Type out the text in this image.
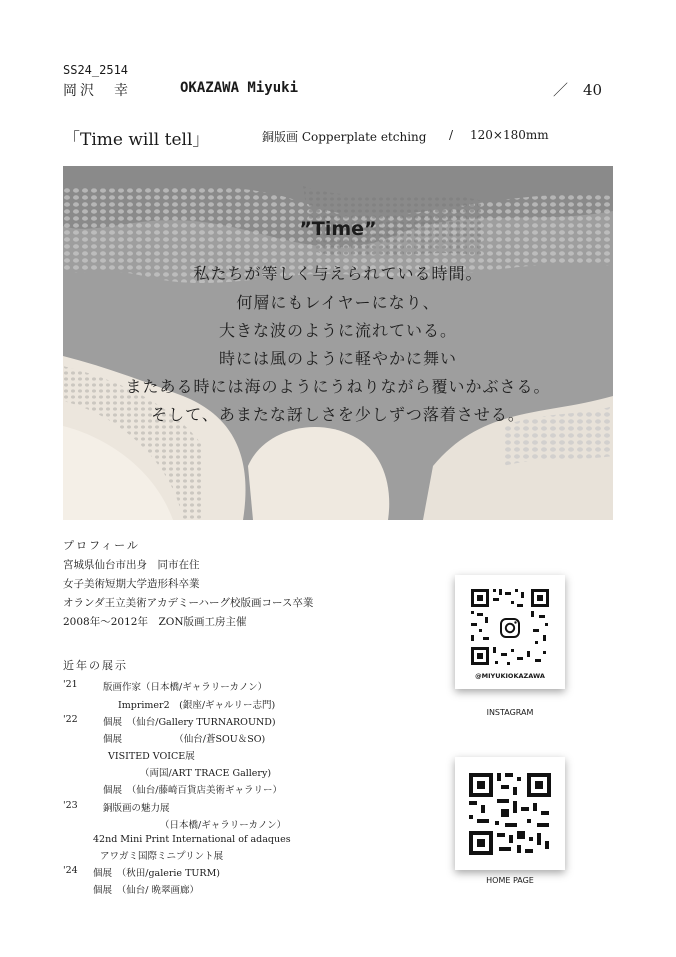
SS24_2514
岡沢　幸	OKAZAWA Miyuki	／　40
「Time will tell」	銅版画 Copperplate etching / 120×180mm
”Time”
私たちが等しく与えられている時間。
何層にもレイヤーになり、
大きな波のように流れている。
時には風のように軽やかに舞い
またある時には海のようにうねりながら覆いかぶさる。
そして、あまたな訝しさを少しずつ落着させる。
プロフィール
宮城県仙台市出身　同市在住
女子美術短期大学造形科卒業
オランダ王立美術アカデミーハーグ校版画コース卒業
2008年〜2012年　ZON版画工房主催
近年の展示
'21	版画作家（日本橋/ギャラリーカノン）
Imprimer2　(銀座/ギャルリー志門)
'22	個展　（仙台/Gallery TURNAROUND)
個展　　　　　　（仙台/蒼SOU＆SO)
VISITED VOICE展
（両国/ART TRACE Gallery)
個展　（仙台/藤崎百貨店美術ギャラリー）
'23	銅版画の魅力展
（日本橋/ギャラリーカノン）
42nd Mini Print International of adaques
アワガミ国際ミニプリント展
'24 個展　（秋田/galerie TURM)
個展　（仙台/ 晩翠画廊）
@MIYUKIOKAZAWA
INSTAGRAM
HOME PAGE
